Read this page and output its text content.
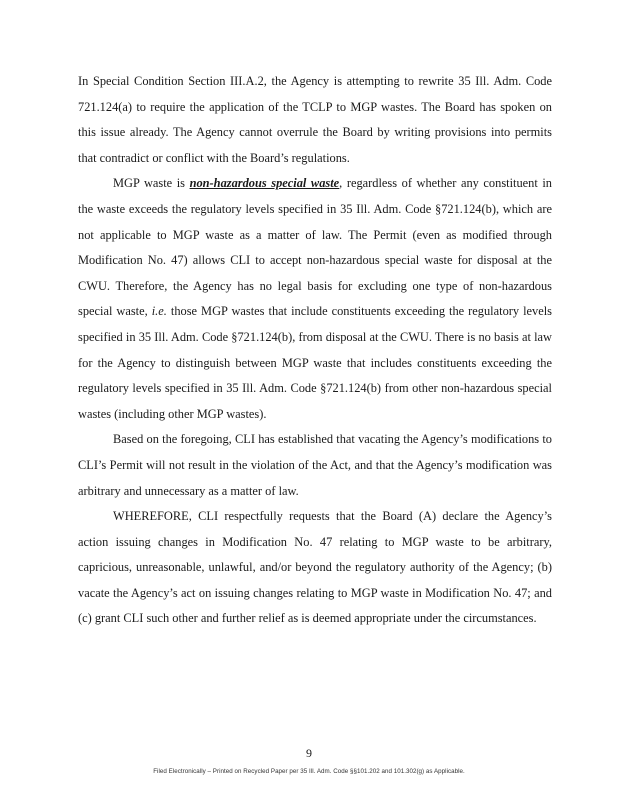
In Special Condition Section III.A.2, the Agency is attempting to rewrite 35 Ill. Adm. Code 721.124(a) to require the application of the TCLP to MGP wastes. The Board has spoken on this issue already. The Agency cannot overrule the Board by writing provisions into permits that contradict or conflict with the Board’s regulations.

MGP waste is non-hazardous special waste, regardless of whether any constituent in the waste exceeds the regulatory levels specified in 35 Ill. Adm. Code §721.124(b), which are not applicable to MGP waste as a matter of law. The Permit (even as modified through Modification No. 47) allows CLI to accept non-hazardous special waste for disposal at the CWU. Therefore, the Agency has no legal basis for excluding one type of non-hazardous special waste, i.e. those MGP wastes that include constituents exceeding the regulatory levels specified in 35 Ill. Adm. Code §721.124(b), from disposal at the CWU. There is no basis at law for the Agency to distinguish between MGP waste that includes constituents exceeding the regulatory levels specified in 35 Ill. Adm. Code §721.124(b) from other non-hazardous special wastes (including other MGP wastes).

Based on the foregoing, CLI has established that vacating the Agency’s modifications to CLI’s Permit will not result in the violation of the Act, and that the Agency’s modification was arbitrary and unnecessary as a matter of law.

WHEREFORE, CLI respectfully requests that the Board (A) declare the Agency’s action issuing changes in Modification No. 47 relating to MGP waste to be arbitrary, capricious, unreasonable, unlawful, and/or beyond the regulatory authority of the Agency; (b) vacate the Agency’s act on issuing changes relating to MGP waste in Modification No. 47; and (c) grant CLI such other and further relief as is deemed appropriate under the circumstances.

9
Filed Electronically – Printed on Recycled Paper per 35 Ill. Adm. Code §§101.202 and 101.302(g) as Applicable.
